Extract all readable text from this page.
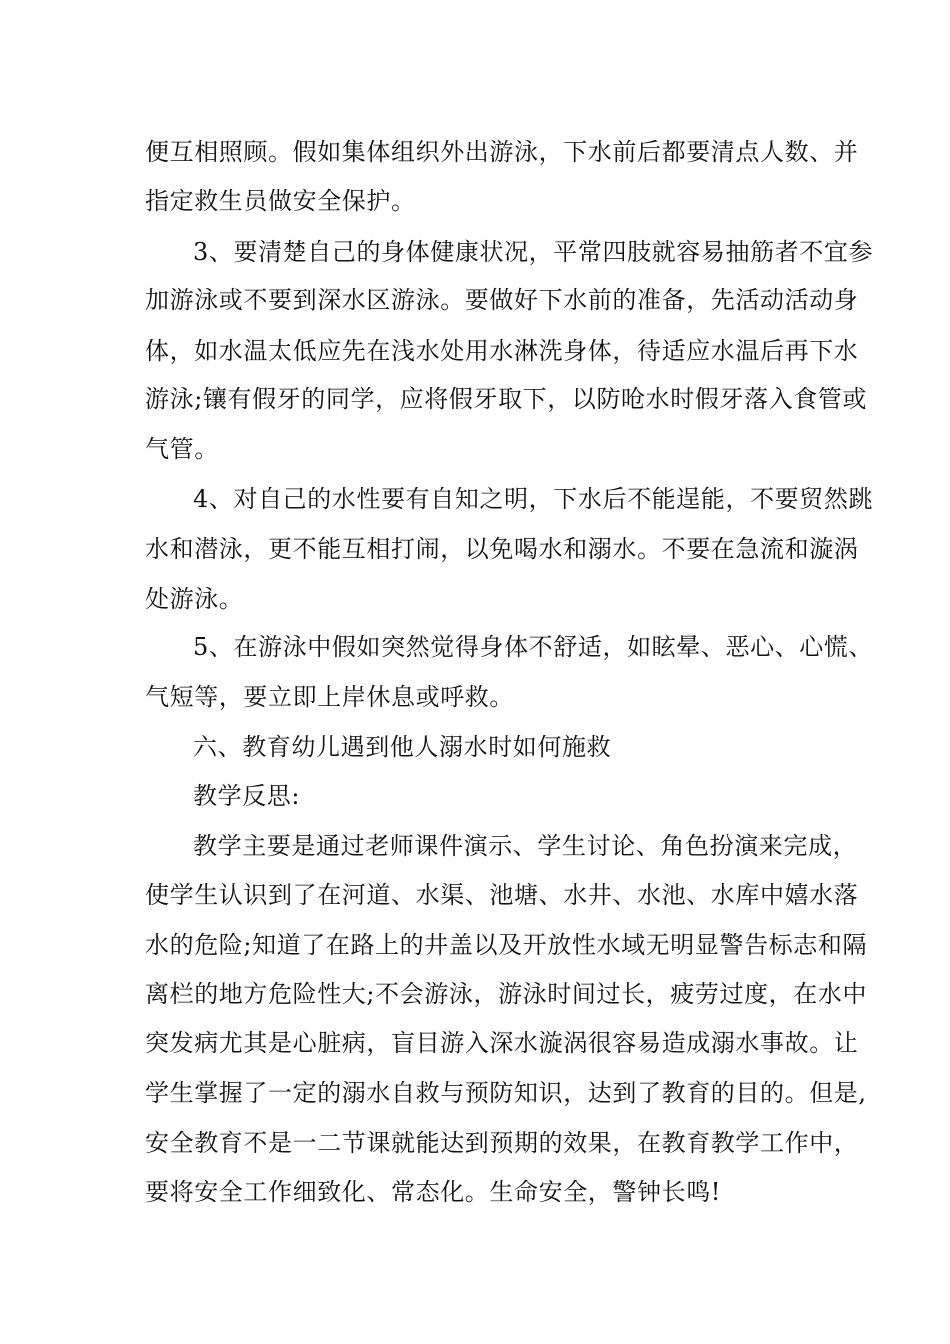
便互相照顾。假如集体组织外出游泳，下水前后都要清点人数、并
指定救生员做安全保护。
3、要清楚自己的身体健康状况，平常四肢就容易抽筋者不宜参
加游泳或不要到深水区游泳。要做好下水前的准备，先活动活动身
体，如水温太低应先在浅水处用水淋洗身体，待适应水温后再下水
游泳;镶有假牙的同学，应将假牙取下，以防呛水时假牙落入食管或
气管。
4、对自己的水性要有自知之明，下水后不能逞能，不要贸然跳
水和潜泳，更不能互相打闹，以免喝水和溺水。不要在急流和漩涡
处游泳。
5、在游泳中假如突然觉得身体不舒适，如眩晕、恶心、心慌、
气短等，要立即上岸休息或呼救。
六、教育幼儿遇到他人溺水时如何施救
教学反思:
教学主要是通过老师课件演示、学生讨论、角色扮演来完成，
使学生认识到了在河道、水渠、池塘、水井、水池、水库中嬉水落
水的危险;知道了在路上的井盖以及开放性水域无明显警告标志和隔
离栏的地方危险性大;不会游泳，游泳时间过长，疲劳过度，在水中
突发病尤其是心脏病，盲目游入深水漩涡很容易造成溺水事故。让
学生掌握了一定的溺水自救与预防知识，达到了教育的目的。但是,
安全教育不是一二节课就能达到预期的效果，在教育教学工作中，
要将安全工作细致化、常态化。生命安全，警钟长鸣!
